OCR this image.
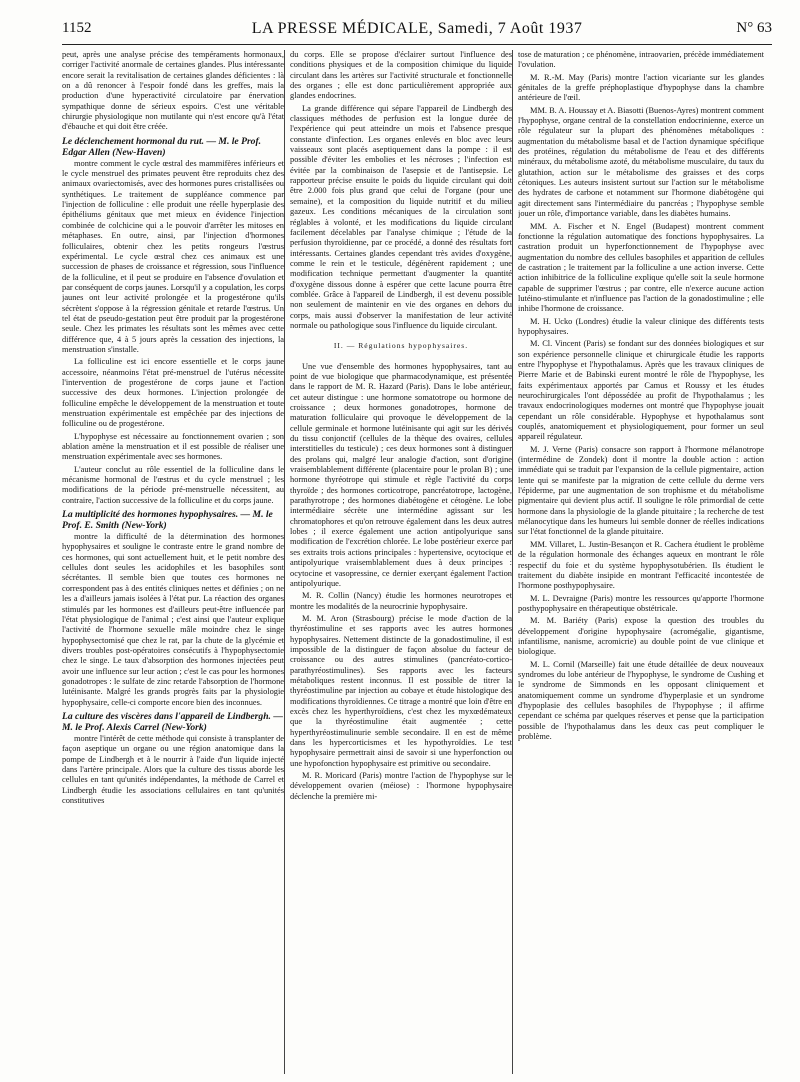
1152	LA PRESSE MÉDICALE, Samedi, 7 Août 1937	N° 63

peut, après une analyse précise des tempéraments hormonaux, corriger l'activité anormale de certaines glandes. Plus intéressante encore serait la revitalisation de certaines glandes déficientes : là on a dû renoncer à l'espoir fondé dans les greffes, mais la production d'une hyperactivité circulatoire par énervation sympathique donne de sérieux espoirs. C'est une véritable chirurgie physiologique non mutilante qui n'est encore qu'à l'état d'ébauche et qui doit être créée.

Le déclenchement hormonal du rut. — M. le Prof. Edgar Allen (New-Haven)

montre comment le cycle œstral des mammifères inférieurs et le cycle menstruel des primates peuvent être reproduits chez des animaux ovariectomisés, avec des hormones pures cristallisées ou synthétiques. Le traitement de suppléance commence par l'injection de folliculine : elle produit une réelle hyperplasie des épithéliums génitaux que met mieux en évidence l'injection combinée de colchicine qui a le pouvoir d'arrêter les mitoses en métaphases. En outre, ainsi, par l'injection d'hormones folliculaires, obtenir chez les petits rongeurs l'œstrus expérimental. Le cycle œstral chez ces animaux est une succession de phases de croissance et régression, sous l'influence de la folliculine, et il peut se produire en l'absence d'ovulation et par conséquent de corps jaunes. Lorsqu'il y a copulation, les corps jaunes ont leur activité prolongée et la progestérone qu'ils sécrètent s'oppose à la régression génitale et retarde l'œstrus. Un tel état de pseudo-gestation peut être produit par la progestérone seule. Chez les primates les résultats sont les mêmes avec cette différence que, 4 à 5 jours après la cessation des injections, la menstruation s'installe.

La folliculine est ici encore essentielle et le corps jaune accessoire, néanmoins l'état pré-menstruel de l'utérus nécessite l'intervention de progestérone de corps jaune et l'action successive des deux hormones. L'injection prolongée de folliculine empêche le développement de la menstruation et toute menstruation expérimentale est empêchée par des injections de folliculine ou de progestérone.

L'hypophyse est nécessaire au fonctionnement ovarien ; son ablation amène la menstruation et il est possible de réaliser une menstruation expérimentale avec ses hormones.

L'auteur conclut au rôle essentiel de la folliculine dans le mécanisme hormonal de l'œstrus et du cycle menstruel ; les modifications de la période pré-menstruelle nécessitent, au contraire, l'action successive de la folliculine et du corps jaune.

La multiplicité des hormones hypophysaires. — M. le Prof. E. Smith (New-York)

montre la difficulté de la détermination des hormones hypophysaires et souligne le contraste entre le grand nombre de ces hormones, qui sont actuellement huit, et le petit nombre des cellules dont seules les acidophiles et les basophiles sont sécrétantes. Il semble bien que toutes ces hormones ne correspondent pas à des entités cliniques nettes et définies ; on ne les a d'ailleurs jamais isolées à l'état pur. La réaction des organes stimulés par les hormones est d'ailleurs peut-être influencée par l'état physiologique de l'animal ; c'est ainsi que l'auteur explique l'activité de l'hormone sexuelle mâle moindre chez le singe hypophysectomisé que chez le rat, par la chute de la glycémie et divers troubles post-opératoires consécutifs à l'hypophysectomie chez le singe. Le taux d'absorption des hormones injectées peut avoir une influence sur leur action ; c'est le cas pour les hormones gonadotropes : le sulfate de zinc retarde l'absorption de l'hormone lutéinisante. Malgré les grands progrès faits par la physiologie hypophysaire, celle-ci comporte encore bien des inconnues.

La culture des viscères dans l'appareil de Lindbergh. — M. le Prof. Alexis Carrel (New-York)

montre l'intérêt de cette méthode qui consiste à transplanter de façon aseptique un organe ou une région anatomique dans la pompe de Lindbergh et à le nourrir à l'aide d'un liquide injecté dans l'artère principale. Alors que la culture des tissus aborde les cellules en tant qu'unités indépendantes, la méthode de Carrel et Lindbergh étudie les associations cellulaires en tant qu'unités constitutives

du corps. Elle se propose d'éclairer surtout l'influence des conditions physiques et de la composition chimique du liquide circulant dans les artères sur l'activité structurale et fonctionnelle des organes ; elle est donc particulièrement appropriée aux glandes endocrines.

La grande différence qui sépare l'appareil de Lindbergh des classiques méthodes de perfusion est la longue durée de l'expérience qui peut atteindre un mois et l'absence presque constante d'infection. Les organes enlevés en bloc avec leurs vaisseaux sont placés aseptiquement dans la pompe : il est possible d'éviter les embolies et les nécroses ; l'infection est évitée par la combinaison de l'asepsie et de l'antisepsie. Le rapporteur précise ensuite le poids du liquide circulant qui doit être 2.000 fois plus grand que celui de l'organe (pour une semaine), et la composition du liquide nutritif et du milieu gazeux. Les conditions mécaniques de la circulation sont réglables à volonté, et les modifications du liquide circulant facilement décelables par l'analyse chimique ; l'étude de la perfusion thyroïdienne, par ce procédé, a donné des résultats fort intéressants. Certaines glandes cependant très avides d'oxygène, comme le rein et le testicule, dégénèrent rapidement ; une modification technique permettant d'augmenter la quantité d'oxygène dissous donne à espérer que cette lacune pourra être comblée. Grâce à l'appareil de Lindbergh, il est devenu possible non seulement de maintenir en vie des organes en dehors du corps, mais aussi d'observer la manifestation de leur activité normale ou pathologique sous l'influence du liquide circulant.

II. — Régulations hypophysaires.

Une vue d'ensemble des hormones hypophysaires, tant au point de vue biologique que pharmacodynamique, est présentée dans le rapport de M. R. Hazard (Paris). Dans le lobe antérieur, cet auteur distingue : une hormone somatotrope ou hormone de croissance ; deux hormones gonadotropes, hormone de maturation folliculaire qui provoque le développement de la cellule germinale et hormone lutéinisante qui agit sur les dérivés du tissu conjonctif (cellules de la thèque des ovaires, cellules interstitielles du testicule) ; ces deux hormones sont à distinguer des prolans qui, malgré leur analogie d'action, sont d'origine vraisemblablement différente (placentaire pour le prolan B) ; une hormone thyréotrope qui stimule et règle l'activité du corps thyroïde ; des hormones corticotrope, pancréatotrope, lactogène, parathyrotrope ; des hormones diabétogène et cétogène. Le lobe intermédiaire sécrète une intermédine agissant sur les chromatophores et qu'on retrouve également dans les deux autres lobes ; il exerce également une action antipolyurique sans modification de l'excrétion chlorée. Le lobe postérieur exerce par ses extraits trois actions principales : hypertensive, ocytocique et antipolyurique vraisemblablement dues à deux principes : ocytocine et vasopressine, ce dernier exerçant également l'action antipolyurique.

M. R. Collin (Nancy) étudie les hormones neurotropes et montre les modalités de la neurocrinie hypophysaire.

M. M. Aron (Strasbourg) précise le mode d'action de la thyréostimuline et ses rapports avec les autres hormones hypophysaires. Nettement distincte de la gonadostimuline, il est impossible de la distinguer de façon absolue du facteur de croissance ou des autres stimulines (pancréato-cortico-parathyréostimulines). Ses rapports avec les facteurs métaboliques restent inconnus. Il est possible de titrer la thyréostimuline par injection au cobaye et étude histologique des modifications thyroïdiennes. Ce titrage a montré que loin d'être en excès chez les hyperthyroïdiens, c'est chez les myxœdémateux que la thyréostimuline était augmentée ; cette hyperthyréostimulinurie semble secondaire. Il en est de même dans les hypercorticismes et les hypothyroïdies. Le test hypophysaire permettrait ainsi de savoir si une hyperfonction ou une hypofonction hypophysaire est primitive ou secondaire.

M. R. Moricard (Paris) montre l'action de l'hypophyse sur le développement ovarien (méiose) : l'hormone hypophysaire déclenche la première mi-

tose de maturation ; ce phénomène, intraovarien, précède immédiatement l'ovulation.

M. R.-M. May (Paris) montre l'action vicariante sur les glandes génitales de la greffe préphoplastique d'hypophyse dans la chambre antérieure de l'œil.

MM. B. A. Houssay et A. Biasotti (Buenos-Ayres) montrent comment l'hypophyse, organe central de la constellation endocrinienne, exerce un rôle régulateur sur la plupart des phénomènes métaboliques : augmentation du métabolisme basal et de l'action dynamique spécifique des protéines, régulation du métabolisme de l'eau et des différents minéraux, du métabolisme azoté, du métabolisme musculaire, du taux du glutathion, action sur le métabolisme des graisses et des corps cétoniques. Les auteurs insistent surtout sur l'action sur le métabolisme des hydrates de carbone et notamment sur l'hormone diabétogène qui agit directement sans l'intermédiaire du pancréas ; l'hypophyse semble jouer un rôle, d'importance variable, dans les diabètes humains.

MM. A. Fischer et N. Engel (Budapest) montrent comment fonctionne la régulation automatique des fonctions hypophysaires. La castration produit un hyperfonctionnement de l'hypophyse avec augmentation du nombre des cellules basophiles et apparition de cellules de castration ; le traitement par la folliculine a une action inverse. Cette action inhibitrice de la folliculine explique qu'elle soit la seule hormone capable de supprimer l'œstrus ; par contre, elle n'exerce aucune action lutéino-stimulante et n'influence pas l'action de la gonadostimuline ; elle inhibe l'hormone de croissance.

M. H. Ucko (Londres) étudie la valeur clinique des différents tests hypophysaires.

M. Cl. Vincent (Paris) se fondant sur des données biologiques et sur son expérience personnelle clinique et chirurgicale étudie les rapports entre l'hypophyse et l'hypothalamus. Après que les travaux cliniques de Pierre Marie et de Babinski eurent montré le rôle de l'hypophyse, les faits expérimentaux apportés par Camus et Roussy et les études neurochirurgicales l'ont dépossédée au profit de l'hypothalamus ; les travaux endocrinologiques modernes ont montré que l'hypophyse jouait cependant un rôle considérable. Hypophyse et hypothalamus sont couplés, anatomiquement et physiologiquement, pour former un seul appareil régulateur.

M. J. Verne (Paris) consacre son rapport à l'hormone mélanotrope (intermédine de Zondek) dont il montre la double action : action immédiate qui se traduit par l'expansion de la cellule pigmentaire, action lente qui se manifeste par la migration de cette cellule du derme vers l'épiderme, par une augmentation de son trophisme et du métabolisme pigmentaire qui devient plus actif. Il souligne le rôle primordial de cette hormone dans la physiologie de la glande pituitaire ; la recherche de test mélanocytique dans les humeurs lui semble donner de réelles indications sur l'état fonctionnel de la glande pituitaire.

MM. Villaret, L. Justin-Besançon et R. Cachera étudient le problème de la régulation hormonale des échanges aqueux en montrant le rôle respectif du foie et du système hypophysotubérien. Ils étudient le traitement du diabète insipide en montrant l'efficacité incontestée de l'hormone posthypophysaire.

M. L. Devraigne (Paris) montre les ressources qu'apporte l'hormone posthypophysaire en thérapeutique obstétricale.

M. M. Bariéty (Paris) expose la question des troubles du développement d'origine hypophysaire (acromégalie, gigantisme, infantilisme, nanisme, acromicrie) au double point de vue clinique et biologique.

M. L. Cornil (Marseille) fait une étude détaillée de deux nouveaux syndromes du lobe antérieur de l'hypophyse, le syndrome de Cushing et le syndrome de Simmonds en les opposant cliniquement et anatomiquement comme un syndrome d'hyperplasie et un syndrome d'hypoplasie des cellules basophiles de l'hypophyse ; il affirme cependant ce schéma par quelques réserves et pense que la participation possible de l'hypothalamus dans les deux cas peut compliquer le problème.
